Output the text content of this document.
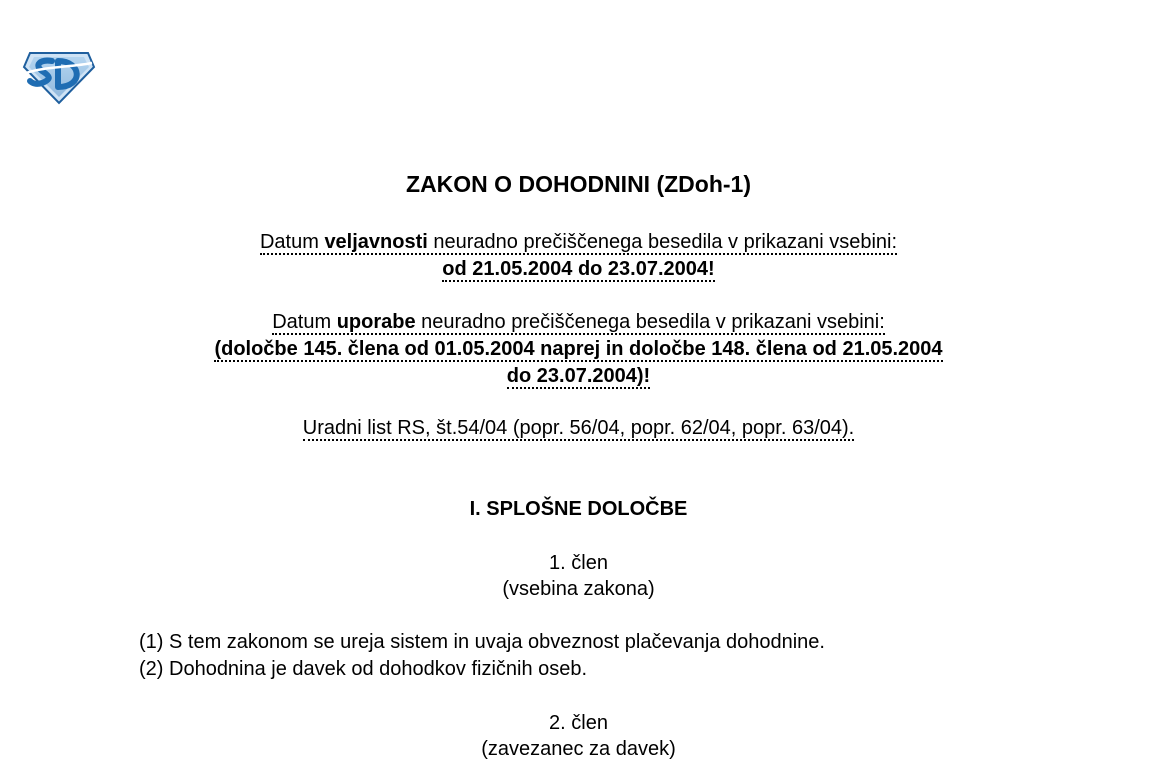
ZAKON O DOHODNINI (ZDoh-1)
Datum veljavnosti neuradno prečiščenega besedila v prikazani vsebini:
od 21.05.2004 do 23.07.2004!
Datum uporabe neuradno prečiščenega besedila v prikazani vsebini:
(določbe 145. člena od 01.05.2004 naprej in določbe 148. člena od 21.05.2004
do 23.07.2004)!
Uradni list RS, št.54/04 (popr. 56/04, popr. 62/04, popr. 63/04).
I. SPLOŠNE DOLOČBE
1. člen
(vsebina zakona)
(1) S tem zakonom se ureja sistem in uvaja obveznost plačevanja dohodnine.
(2) Dohodnina je davek od dohodkov fizičnih oseb.
2. člen
(zavezanec za davek)
